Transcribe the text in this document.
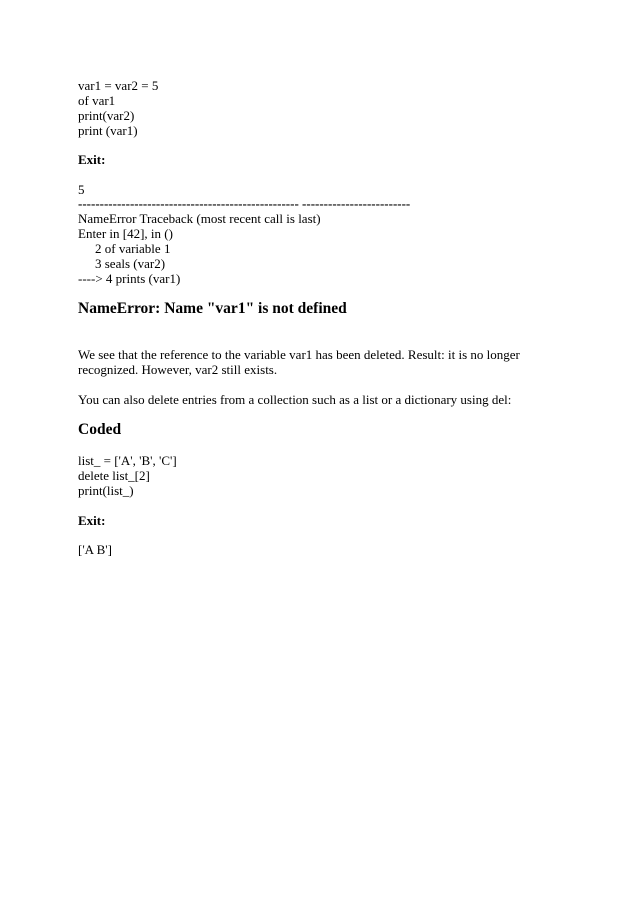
var1 = var2 = 5
of var1
print(var2)
print (var1)
Exit:
5
--------------------------------------------------- -------------------------
NameError Traceback (most recent call is last)
Enter in [42], in ()
2 of variable 1
3 seals (var2)
----> 4 prints (var1)
NameError: Name "var1" is not defined
We see that the reference to the variable var1 has been deleted. Result: it is no longer
recognized. However, var2 still exists.
You can also delete entries from a collection such as a list or a dictionary using del:
Coded
list_ = ['A', 'B', 'C']
delete list_[2]
print(list_)
Exit:
['A B']
